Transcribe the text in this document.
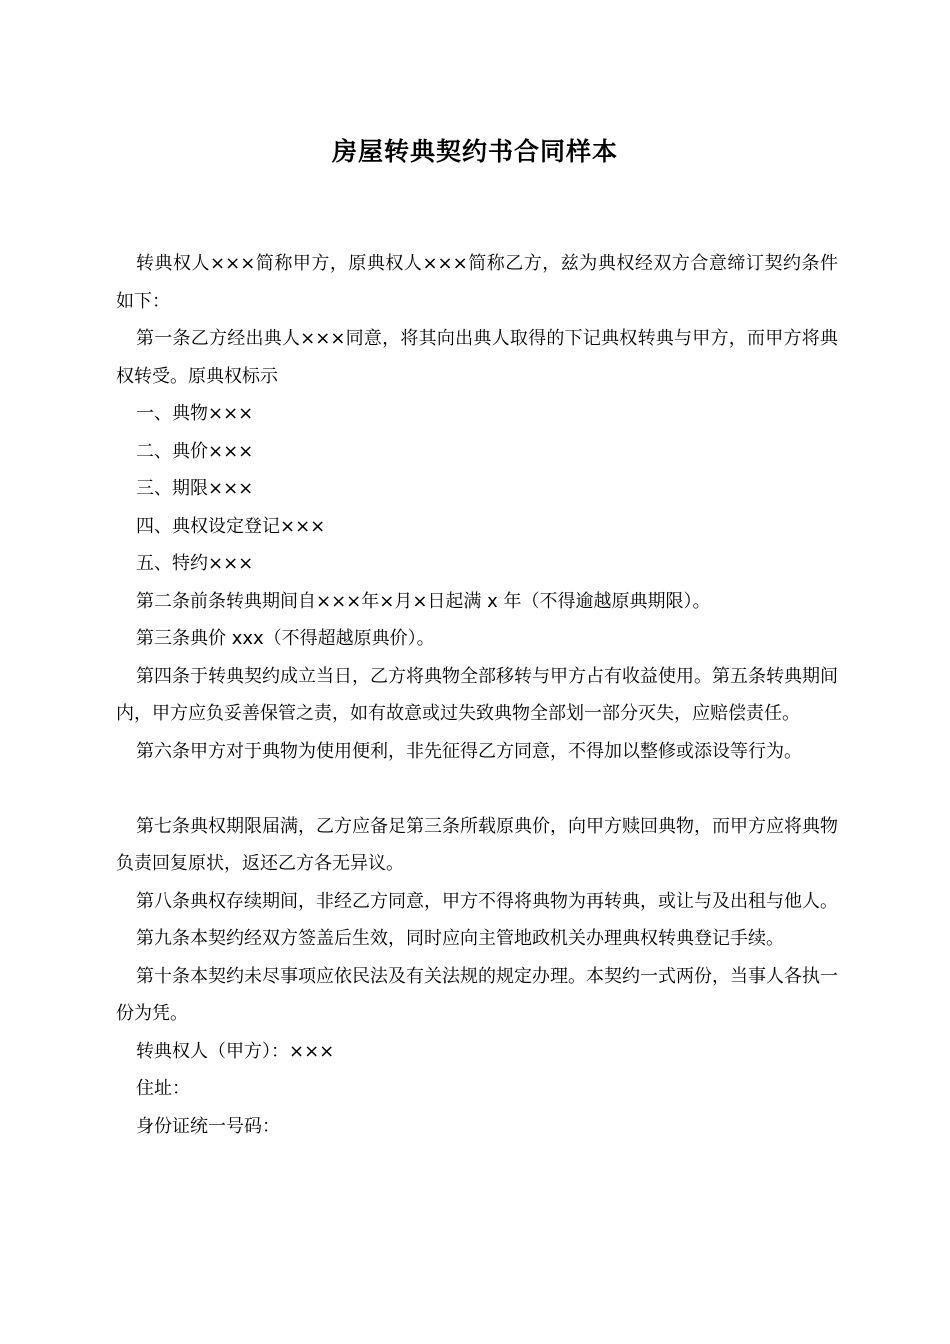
房屋转典契约书合同样本

转典权人×××简称甲方，原典权人×××简称乙方，兹为典权经双方合意缔订契约条件如下：

第一条乙方经出典人×××同意，将其向出典人取得的下记典权转典与甲方，而甲方将典权转受。原典权标示

一、典物×××

二、典价×××

三、期限×××

四、典权设定登记×××

五、特约×××

第二条前条转典期间自×××年×月×日起满 x 年（不得逾越原典期限）。

第三条典价 xxx（不得超越原典价）。

第四条于转典契约成立当日，乙方将典物全部移转与甲方占有收益使用。第五条转典期间内，甲方应负妥善保管之责，如有故意或过失致典物全部划一部分灭失，应赔偿责任。

第六条甲方对于典物为使用便利，非先征得乙方同意，不得加以整修或添设等行为。

第七条典权期限届满，乙方应备足第三条所载原典价，向甲方赎回典物，而甲方应将典物负责回复原状，返还乙方各无异议。

第八条典权存续期间，非经乙方同意，甲方不得将典物为再转典，或让与及出租与他人。

第九条本契约经双方签盖后生效，同时应向主管地政机关办理典权转典登记手续。

第十条本契约未尽事项应依民法及有关法规的规定办理。本契约一式两份，当事人各执一份为凭。

转典权人（甲方）：×××

住址：

身份证统一号码：
